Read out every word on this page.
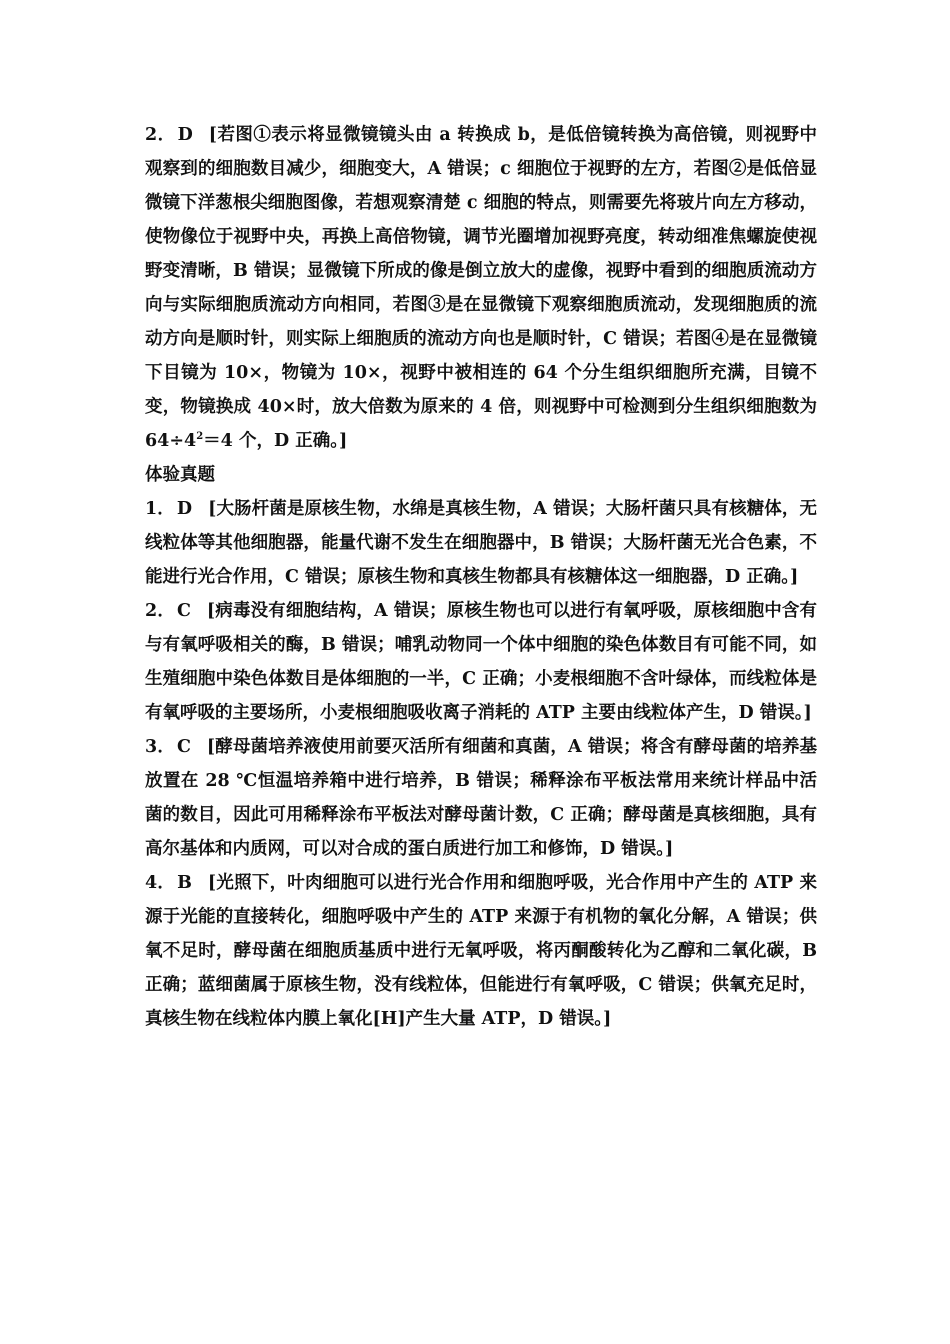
2． D [若图①表示将显微镜镜头由 a 转换成 b，是低倍镜转换为高倍镜，则视野中观察到的细胞数目减少，细胞变大，A 错误；c 细胞位于视野的左方，若图②是低倍显微镜下洋葱根尖细胞图像，若想观察清楚 c 细胞的特点，则需要先将玻片向左方移动，使物像位于视野中央，再换上高倍物镜，调节光圈增加视野亮度，转动细准焦螺旋使视野变清晰，B 错误；显微镜下所成的像是倒立放大的虚像，视野中看到的细胞质流动方向与实际细胞质流动方向相同，若图③是在显微镜下观察细胞质流动，发现细胞质的流动方向是顺时针，则实际上细胞质的流动方向也是顺时针，C 错误；若图④是在显微镜下目镜为 10×，物镜为 10×，视野中被相连的 64 个分生组织细胞所充满，目镜不变，物镜换成 40×时，放大倍数为原来的 4 倍，则视野中可检测到分生组织细胞数为 $64\div 4^2=4$ 个，D 正确。]

体验真题

1． D [大肠杆菌是原核生物，水绵是真核生物，A 错误；大肠杆菌只具有核糖体，无线粒体等其他细胞器，能量代谢不发生在细胞器中，B 错误；大肠杆菌无光合色素，不能进行光合作用，C 错误；原核生物和真核生物都具有核糖体这一细胞器，D 正确。]

2． C [病毒没有细胞结构，A 错误；原核生物也可以进行有氧呼吸，原核细胞中含有与有氧呼吸相关的酶，B 错误；哺乳动物同一个体中细胞的染色体数目有可能不同，如生殖细胞中染色体数目是体细胞的一半，C 正确；小麦根细胞不含叶绿体，而线粒体是有氧呼吸的主要场所，小麦根细胞吸收离子消耗的 ATP 主要由线粒体产生，D 错误。]

3． C [酵母菌培养液使用前要灭活所有细菌和真菌，A 错误；将含有酵母菌的培养基放置在 28 ℃恒温培养箱中进行培养，B 错误；稀释涂布平板法常用来统计样品中活菌的数目，因此可用稀释涂布平板法对酵母菌计数，C 正确；酵母菌是真核细胞，具有高尔基体和内质网，可以对合成的蛋白质进行加工和修饰，D 错误。]

4． B [光照下，叶肉细胞可以进行光合作用和细胞呼吸，光合作用中产生的 ATP 来源于光能的直接转化，细胞呼吸中产生的 ATP 来源于有机物的氧化分解，A 错误；供氧不足时，酵母菌在细胞质基质中进行无氧呼吸，将丙酮酸转化为乙醇和二氧化碳，B 正确；蓝细菌属于原核生物，没有线粒体，但能进行有氧呼吸，C 错误；供氧充足时，真核生物在线粒体内膜上氧化[H]产生大量 ATP，D 错误。]
